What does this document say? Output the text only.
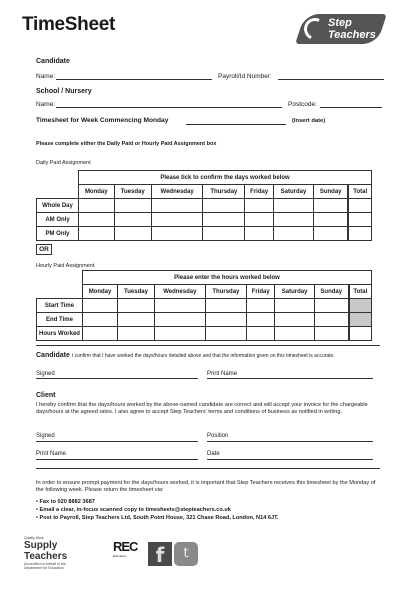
TimeSheet	Step
Teachers
Candidate
Name:	Payroll/Id Number:
School / Nursery
Name:	Postcode:
Timesheet for Week Commencing Monday	(Insert date)
Please complete either the Daily Paid or Hourly Paid Assignment box
Daily Paid Assignment
	Please tick to confirm the days worked below							
	Monday	Tuesday	Wednesday	Thursday	Friday	Saturday	Sunday	Total
Whole Day								
AM Only								
PM Only								
OR
Hourly Paid Assignment
	Please enter the hours worked below							
	Monday	Tuesday	Wednesday	Thursday	Friday	Saturday	Sunday	Total
Start Time								
End Time								
Hours Worked								
Candidate I confirm that I have worked the days/hours detailed above and that the information given on this timesheet is accurate.
Signed	Print Name
Client
I hereby confirm that the days/hours worked by the above-named candidate are correct and will accept your invoice for the chargeable days/hours at the agreed rates. I also agree to accept Step Teachers' terms and conditions of business as notified in writing.
Signed	Position
Print Name	Date
In order to ensure prompt payment for the days/hours worked, it is important that Step Teachers receives this timesheet by the Monday of the following week. Please return the timesheet via:
• Fax to 020 8882 3687
• Email a clear, in-focus scanned copy to timesheets@stepteachers.co.uk
• Post to Payroll, Step Teachers Ltd, South Point House, 321 Chase Road, London, N14 6JT.
Quality Mark
Supply Teachers
Accredited on behalf of the Department for Education
REC
Education	f	t
